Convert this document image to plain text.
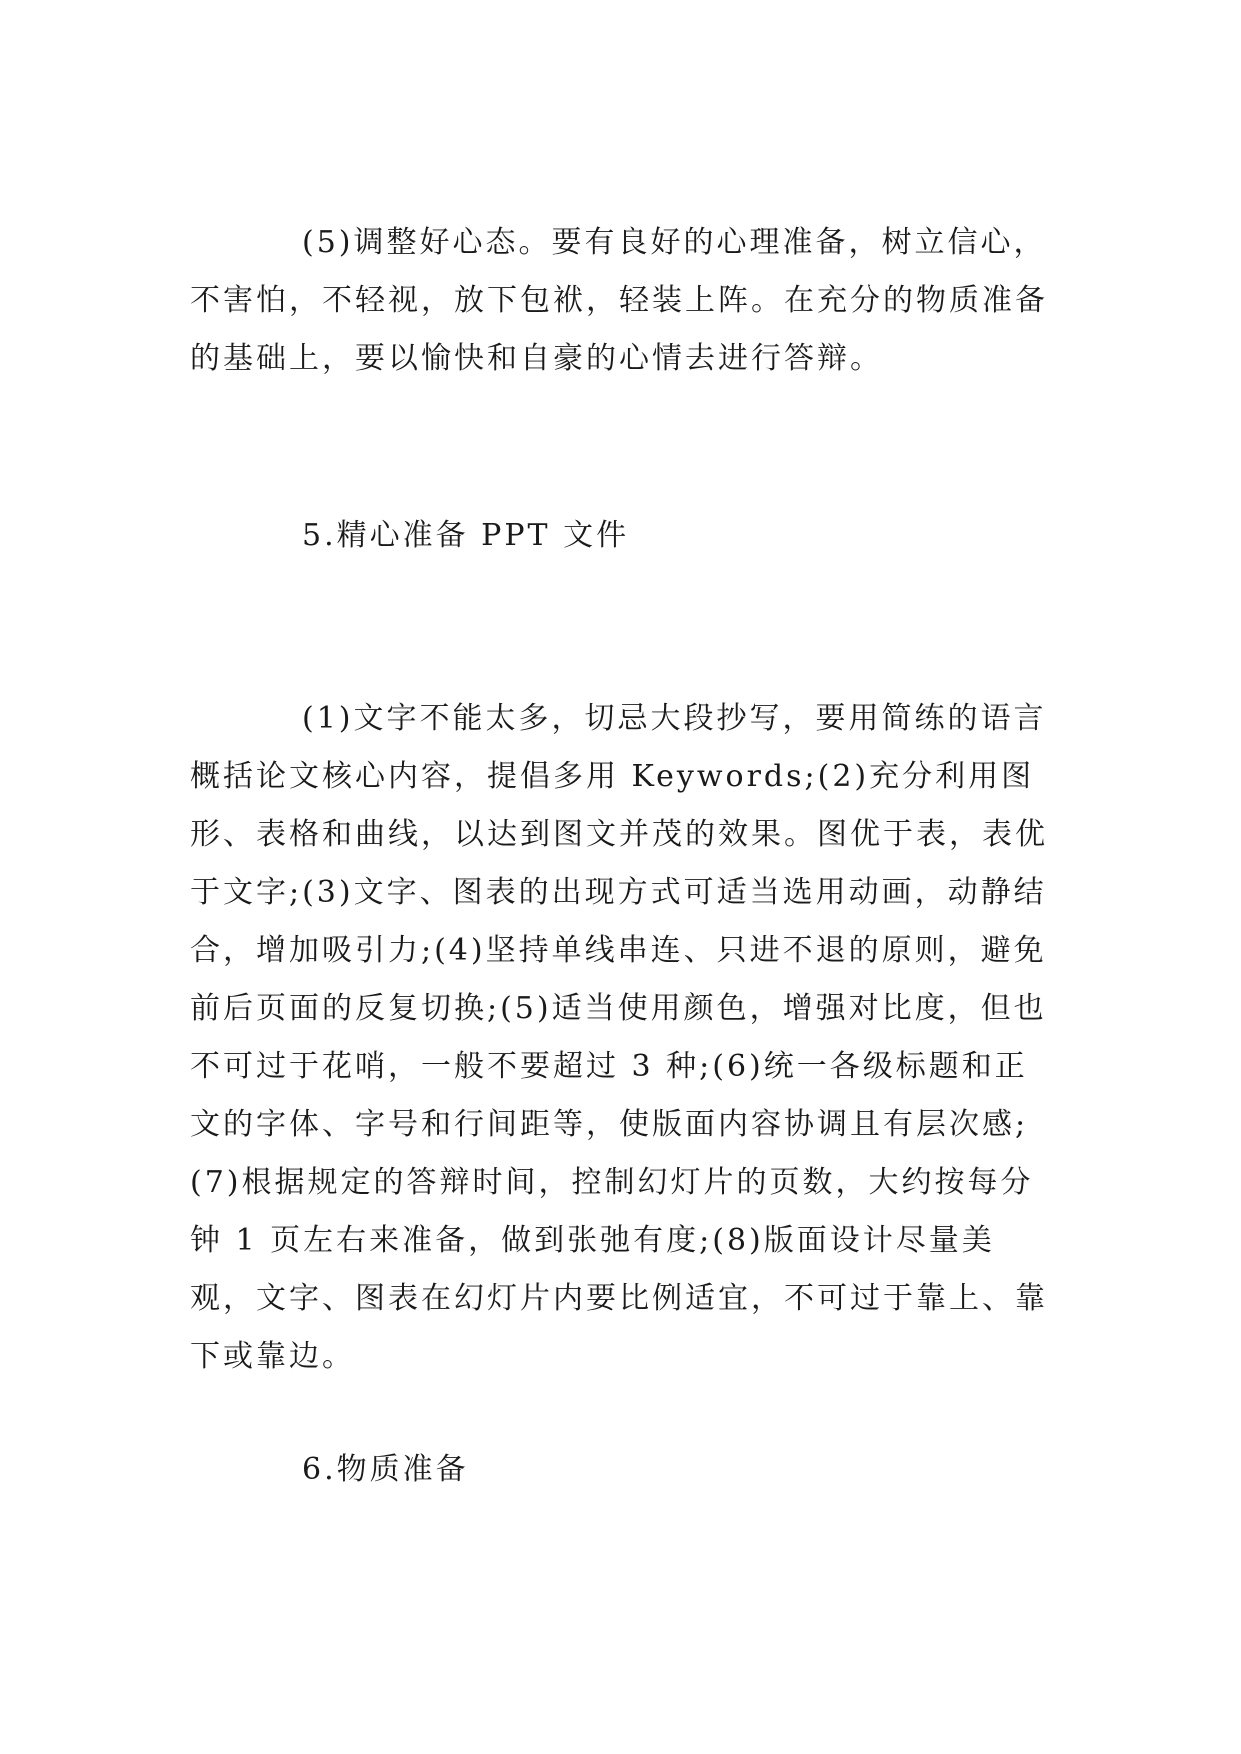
(5)调整好心态。要有良好的心理准备，树立信心，不害怕，不轻视，放下包袱，轻装上阵。在充分的物质准备的基础上，要以愉快和自豪的心情去进行答辩。

5.精心准备 PPT 文件

(1)文字不能太多，切忌大段抄写，要用简练的语言概括论文核心内容，提倡多用 Keywords;(2)充分利用图形、表格和曲线，以达到图文并茂的效果。图优于表，表优于文字;(3)文字、图表的出现方式可适当选用动画，动静结合，增加吸引力;(4)坚持单线串连、只进不退的原则，避免前后页面的反复切换;(5)适当使用颜色，增强对比度，但也不可过于花哨，一般不要超过 3 种;(6)统一各级标题和正文的字体、字号和行间距等，使版面内容协调且有层次感;(7)根据规定的答辩时间，控制幻灯片的页数，大约按每分钟 1 页左右来准备，做到张弛有度;(8)版面设计尽量美观，文字、图表在幻灯片内要比例适宜，不可过于靠上、靠下或靠边。

6.物质准备
